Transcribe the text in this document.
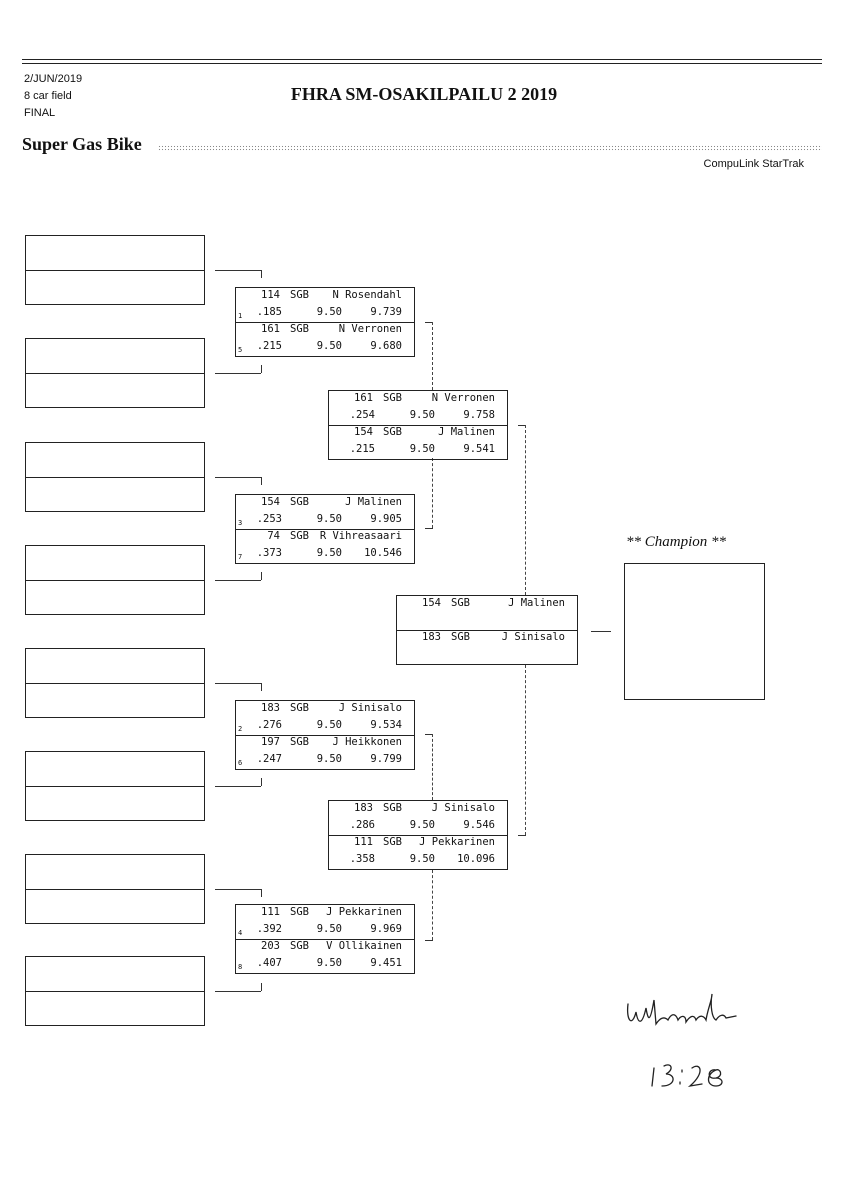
2/JUN/2019
8 car field
FINAL
FHRA SM-OSAKILPAILU 2 2019
Super Gas Bike
CompuLink StarTrak
114 SGB N Rosendahl
1	.185	9.50	9.739
161 SGB	N Verronen
5	.215	9.50	9.680
154 SGB	J Malinen
3	.253	9.50	9.905
74 SGB R Vihreasaari
7	.373	9.50 10.546
183 SGB	J Sinisalo
2	.276	9.50	9.534
197 SGB J Heikkonen
6	.247	9.50	9.799
111 SGB J Pekkarinen
4	.392	9.50	9.969
203 SGB V Ollikainen
8	.407	9.50	9.451
161 SGB	N Verronen
.254	9.50	9.758
154 SGB	J Malinen
.215	9.50	9.541
183 SGB	J Sinisalo
.286	9.50	9.546
111 SGB J Pekkarinen
.358	9.50 10.096
154 SGB	J Malinen
183 SGB	J Sinisalo
** Champion **
